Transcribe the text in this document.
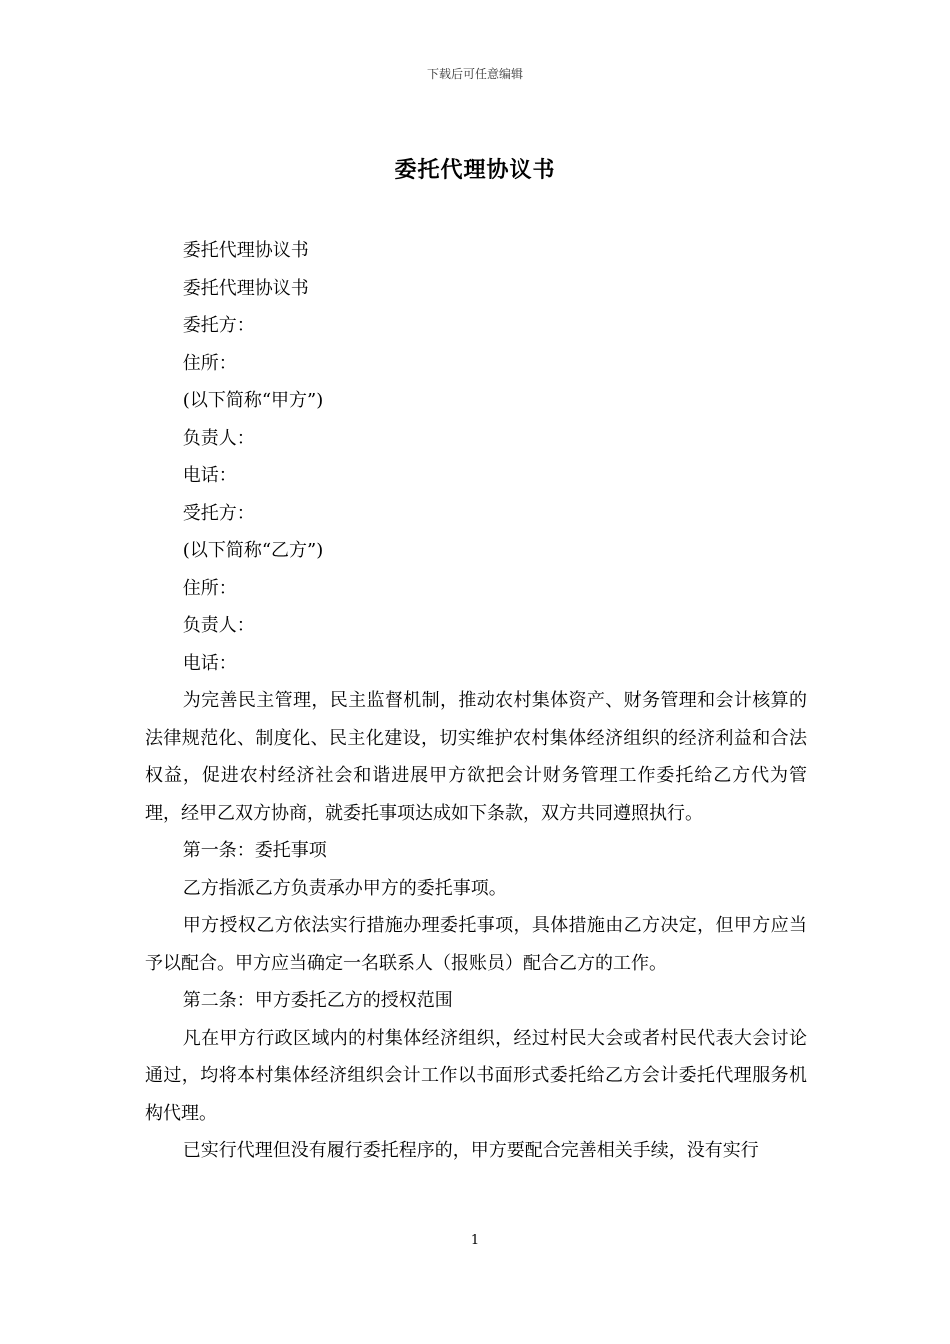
下载后可任意编辑
委托代理协议书

委托代理协议书

委托代理协议书

委托方：

住所：

(以下简称“甲方”)

负责人：

电话：

受托方：

(以下简称“乙方”)

住所：

负责人：

电话：

为完善民主管理，民主监督机制，推动农村集体资产、财务管理和会计核算的法律规范化、制度化、民主化建设，切实维护农村集体经济组织的经济利益和合法权益，促进农村经济社会和谐进展甲方欲把会计财务管理工作委托给乙方代为管理，经甲乙双方协商，就委托事项达成如下条款，双方共同遵照执行。

第一条：委托事项

乙方指派乙方负责承办甲方的委托事项。

甲方授权乙方依法实行措施办理委托事项，具体措施由乙方决定，但甲方应当予以配合。甲方应当确定一名联系人（报账员）配合乙方的工作。

第二条：甲方委托乙方的授权范围

凡在甲方行政区域内的村集体经济组织，经过村民大会或者村民代表大会讨论通过，均将本村集体经济组织会计工作以书面形式委托给乙方会计委托代理服务机构代理。

已实行代理但没有履行委托程序的，甲方要配合完善相关手续，没有实行

1
